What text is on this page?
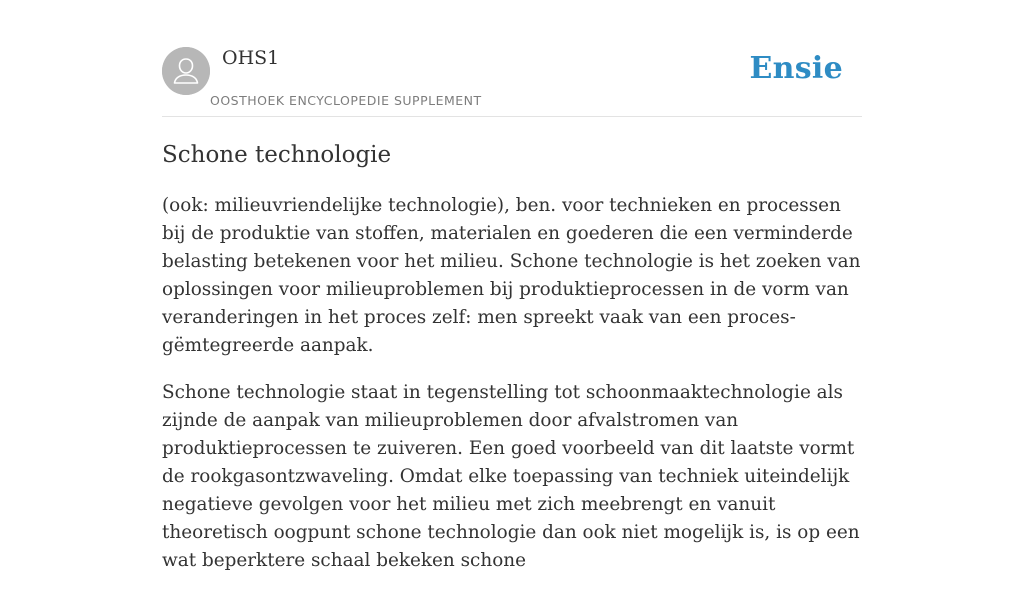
OHS1
OOSTHOEK ENCYCLOPEDIE SUPPLEMENT
Ensie
Schone technologie

(ook: milieuvriendelijke technologie), ben. voor technieken en processen bij de produktie van stoffen, materialen en goederen die een verminderde belasting betekenen voor het milieu. Schone technologie is het zoeken van oplossingen voor milieuproblemen bij produktieprocessen in de vorm van veranderingen in het proces zelf: men spreekt vaak van een proces-gëmtegreerde aanpak.

Schone technologie staat in tegenstelling tot schoonmaaktechnologie als zijnde de aanpak van milieuproblemen door afvalstromen van produktieprocessen te zuiveren. Een goed voorbeeld van dit laatste vormt de rookgasontzwaveling. Omdat elke toepassing van techniek uiteindelijk negatieve gevolgen voor het milieu met zich meebrengt en vanuit theoretisch oogpunt schone technologie dan ook niet mogelijk is, is op een wat beperktere schaal bekeken schone
